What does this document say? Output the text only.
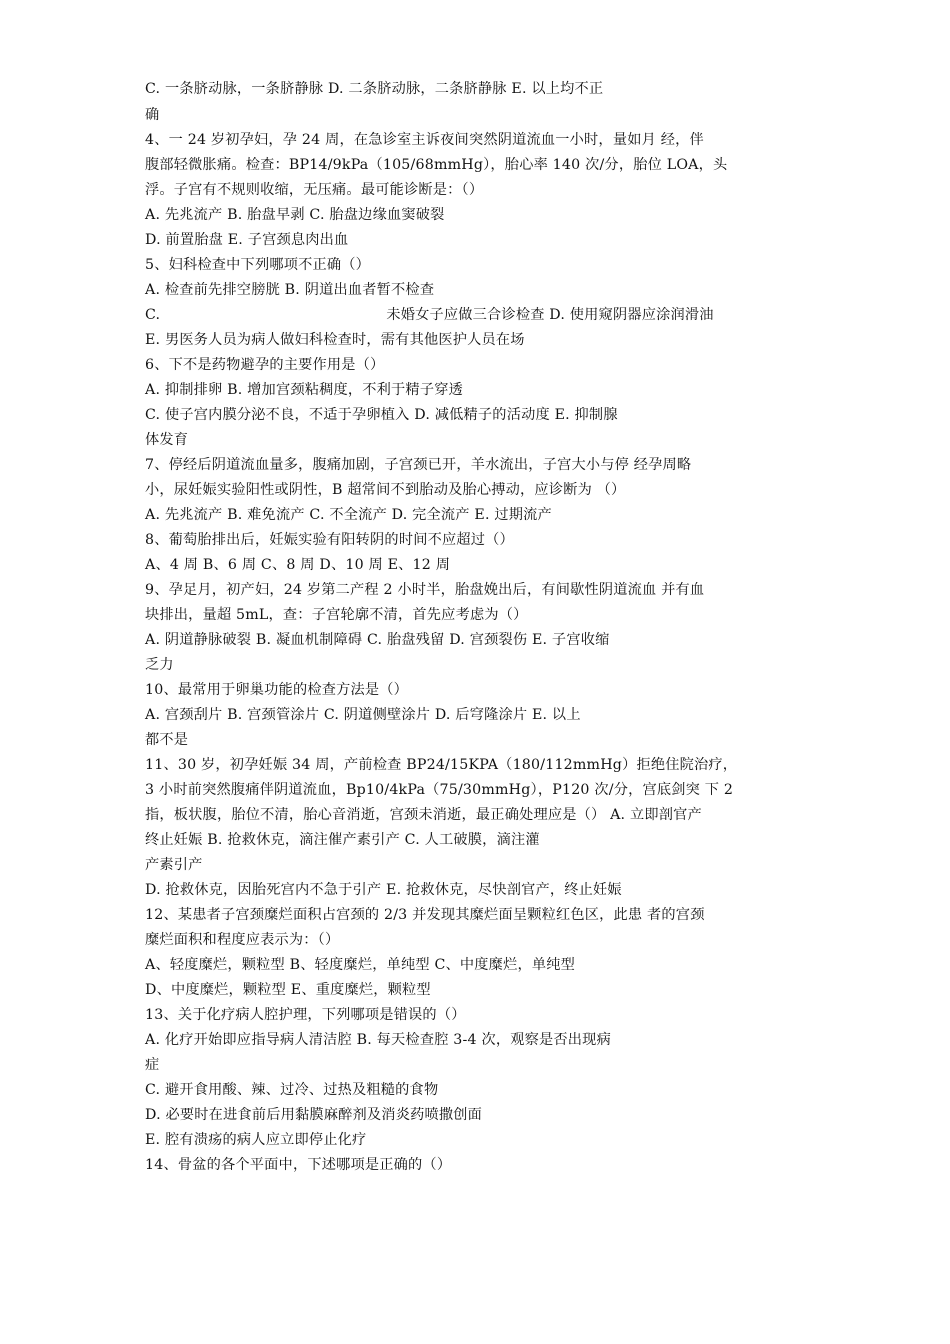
C. 一条脐动脉，一条脐静脉 D. 二条脐动脉，二条脐静脉 E. 以上均不正
确
4、一 24 岁初孕妇，孕 24 周，在急诊室主诉夜间突然阴道流血一小时，量如月 经，伴
腹部轻微胀痛。检查：BP14/9kPa（105/68mmHg），胎心率 140 次/分，胎位 LOA，头
浮。子宫有不规则收缩，无压痛。最可能诊断是：（）
A. 先兆流产 B. 胎盘早剥 C. 胎盘边缘血窦破裂
D. 前置胎盘 E. 子宫颈息肉出血
5、妇科检查中下列哪项不正确（）
A. 检查前先排空膀胱 B. 阴道出血者暂不检查
C.                                                未婚女子应做三合诊检查 D. 使用窥阴器应涂润滑油
E. 男医务人员为病人做妇科检查时，需有其他医护人员在场
6、下不是药物避孕的主要作用是（）
A. 抑制排卵 B. 增加宫颈粘稠度，不利于精子穿透
C. 使子宫内膜分泌不良，不适于孕卵植入 D. 减低精子的活动度 E. 抑制腺
体发育
7、停经后阴道流血量多，腹痛加剧，子宫颈已开，羊水流出，子宫大小与停 经孕周略
小，尿妊娠实验阳性或阴性，B 超常间不到胎动及胎心搏动，应诊断为 （）
A. 先兆流产 B. 难免流产 C. 不全流产 D. 完全流产 E. 过期流产
8、葡萄胎排出后，妊娠实验有阳转阴的时间不应超过（）
A、4 周 B、6 周 C、8 周 D、10 周 E、12 周
9、孕足月，初产妇，24 岁第二产程 2 小时半，胎盘娩出后，有间歇性阴道流血 并有血
块排出，量超 5mL，查：子宫轮廓不清，首先应考虑为（）
A. 阴道静脉破裂 B. 凝血机制障碍 C. 胎盘残留 D. 宫颈裂伤 E. 子宫收缩
乏力
10、最常用于卵巢功能的检查方法是（）
A. 宫颈刮片 B. 宫颈管涂片 C. 阴道侧壁涂片 D. 后穹隆涂片 E. 以上
都不是
11、30 岁，初孕妊娠 34 周，产前检查 BP24/15KPA（180/112mmHg）拒绝住院治疗，
3 小时前突然腹痛伴阴道流血，Bp10/4kPa（75/30mmHg），P120 次/分，宫底剑突 下 2
指，板状腹，胎位不清，胎心音消逝，宫颈未消逝，最正确处理应是（） A. 立即剖官产
终止妊娠 B. 抢救休克，滴注催产素引产 C. 人工破膜，滴注灌
产素引产
D. 抢救休克，因胎死宫内不急于引产 E. 抢救休克，尽快剖官产，终止妊娠
12、某患者子宫颈糜烂面积占宫颈的 2/3 并发现其糜烂面呈颗粒红色区，此患 者的宫颈
糜烂面积和程度应表示为：（）
A、轻度糜烂，颗粒型 B、轻度糜烂，单纯型 C、中度糜烂，单纯型
D、中度糜烂，颗粒型 E、重度糜烂，颗粒型
13、关于化疗病人腔护理，下列哪项是错误的（）
A. 化疗开始即应指导病人清洁腔 B. 每天检查腔 3-4 次，观察是否出现病
症
C. 避开食用酸、辣、过冷、过热及粗糙的食物
D. 必要时在进食前后用黏膜麻醉剂及消炎药喷撒创面
E. 腔有溃疡的病人应立即停止化疗
14、骨盆的各个平面中，下述哪项是正确的（）
